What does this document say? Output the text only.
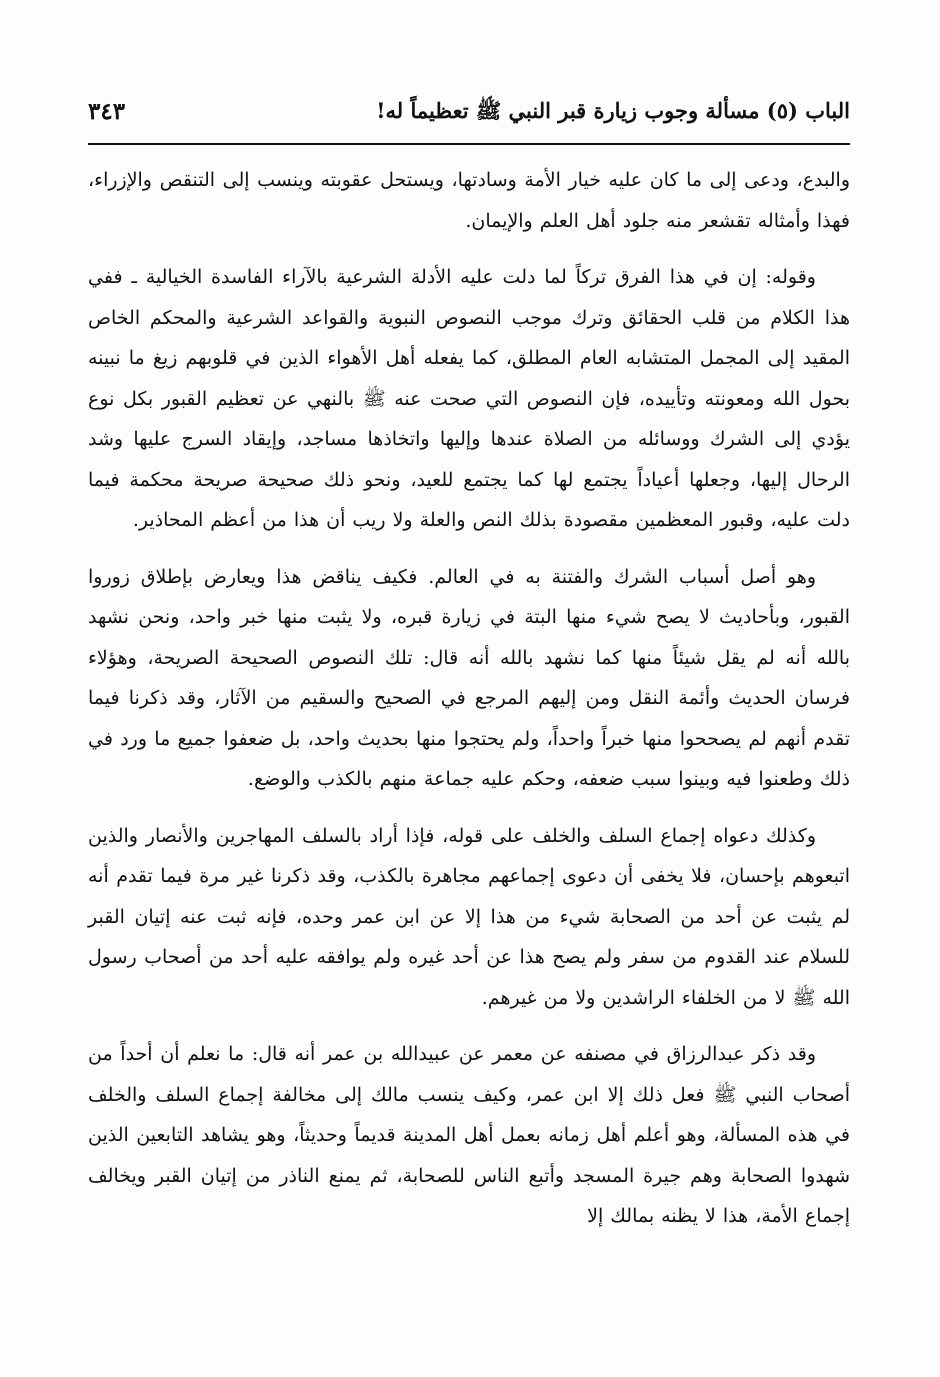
الباب (٥) مسألة وجوب زيارة قبر النبي ﷺ تعظيماً له!
٣٤٣

والبدع، ودعى إلى ما كان عليه خيار الأمة وسادتها، ويستحل عقوبته وينسب إلى التنقص والإزراء، فهذا وأمثاله تقشعر منه جلود أهل العلم والإيمان.

وقوله: إن في هذا الفرق تركاً لما دلت عليه الأدلة الشرعية بالآراء الفاسدة الخيالية ـ ففي هذا الكلام من قلب الحقائق وترك موجب النصوص النبوية والقواعد الشرعية والمحكم الخاص المقيد إلى المجمل المتشابه العام المطلق، كما يفعله أهل الأهواء الذين في قلوبهم زيغ ما نبينه بحول الله ومعونته وتأييده، فإن النصوص التي صحت عنه ﷺ بالنهي عن تعظيم القبور بكل نوع يؤدي إلى الشرك ووسائله من الصلاة عندها وإليها واتخاذها مساجد، وإيقاد السرج عليها وشد الرحال إليها، وجعلها أعياداً يجتمع لها كما يجتمع للعيد، ونحو ذلك صحيحة صريحة محكمة فيما دلت عليه، وقبور المعظمين مقصودة بذلك النص والعلة ولا ريب أن هذا من أعظم المحاذير.

وهو أصل أسباب الشرك والفتنة به في العالم. فكيف يناقض هذا ويعارض بإطلاق زوروا القبور، وبأحاديث لا يصح شيء منها البتة في زيارة قبره، ولا يثبت منها خبر واحد، ونحن نشهد بالله أنه لم يقل شيئاً منها كما نشهد بالله أنه قال: تلك النصوص الصحيحة الصريحة، وهؤلاء فرسان الحديث وأئمة النقل ومن إليهم المرجع في الصحيح والسقيم من الآثار، وقد ذكرنا فيما تقدم أنهم لم يصححوا منها خبراً واحداً، ولم يحتجوا منها بحديث واحد، بل ضعفوا جميع ما ورد في ذلك وطعنوا فيه وبينوا سبب ضعفه، وحكم عليه جماعة منهم بالكذب والوضع.

وكذلك دعواه إجماع السلف والخلف على قوله، فإذا أراد بالسلف المهاجرين والأنصار والذين اتبعوهم بإحسان، فلا يخفى أن دعوى إجماعهم مجاهرة بالكذب، وقد ذكرنا غير مرة فيما تقدم أنه لم يثبت عن أحد من الصحابة شيء من هذا إلا عن ابن عمر وحده، فإنه ثبت عنه إتيان القبر للسلام عند القدوم من سفر ولم يصح هذا عن أحد غيره ولم يوافقه عليه أحد من أصحاب رسول الله ﷺ لا من الخلفاء الراشدين ولا من غيرهم.

وقد ذكر عبدالرزاق في مصنفه عن معمر عن عبيدالله بن عمر أنه قال: ما نعلم أن أحداً من أصحاب النبي ﷺ فعل ذلك إلا ابن عمر، وكيف ينسب مالك إلى مخالفة إجماع السلف والخلف في هذه المسألة، وهو أعلم أهل زمانه بعمل أهل المدينة قديماً وحديثاً، وهو يشاهد التابعين الذين شهدوا الصحابة وهم جيرة المسجد وأتبع الناس للصحابة، ثم يمنع الناذر من إتيان القبر ويخالف إجماع الأمة، هذا لا يظنه بمالك إلا
